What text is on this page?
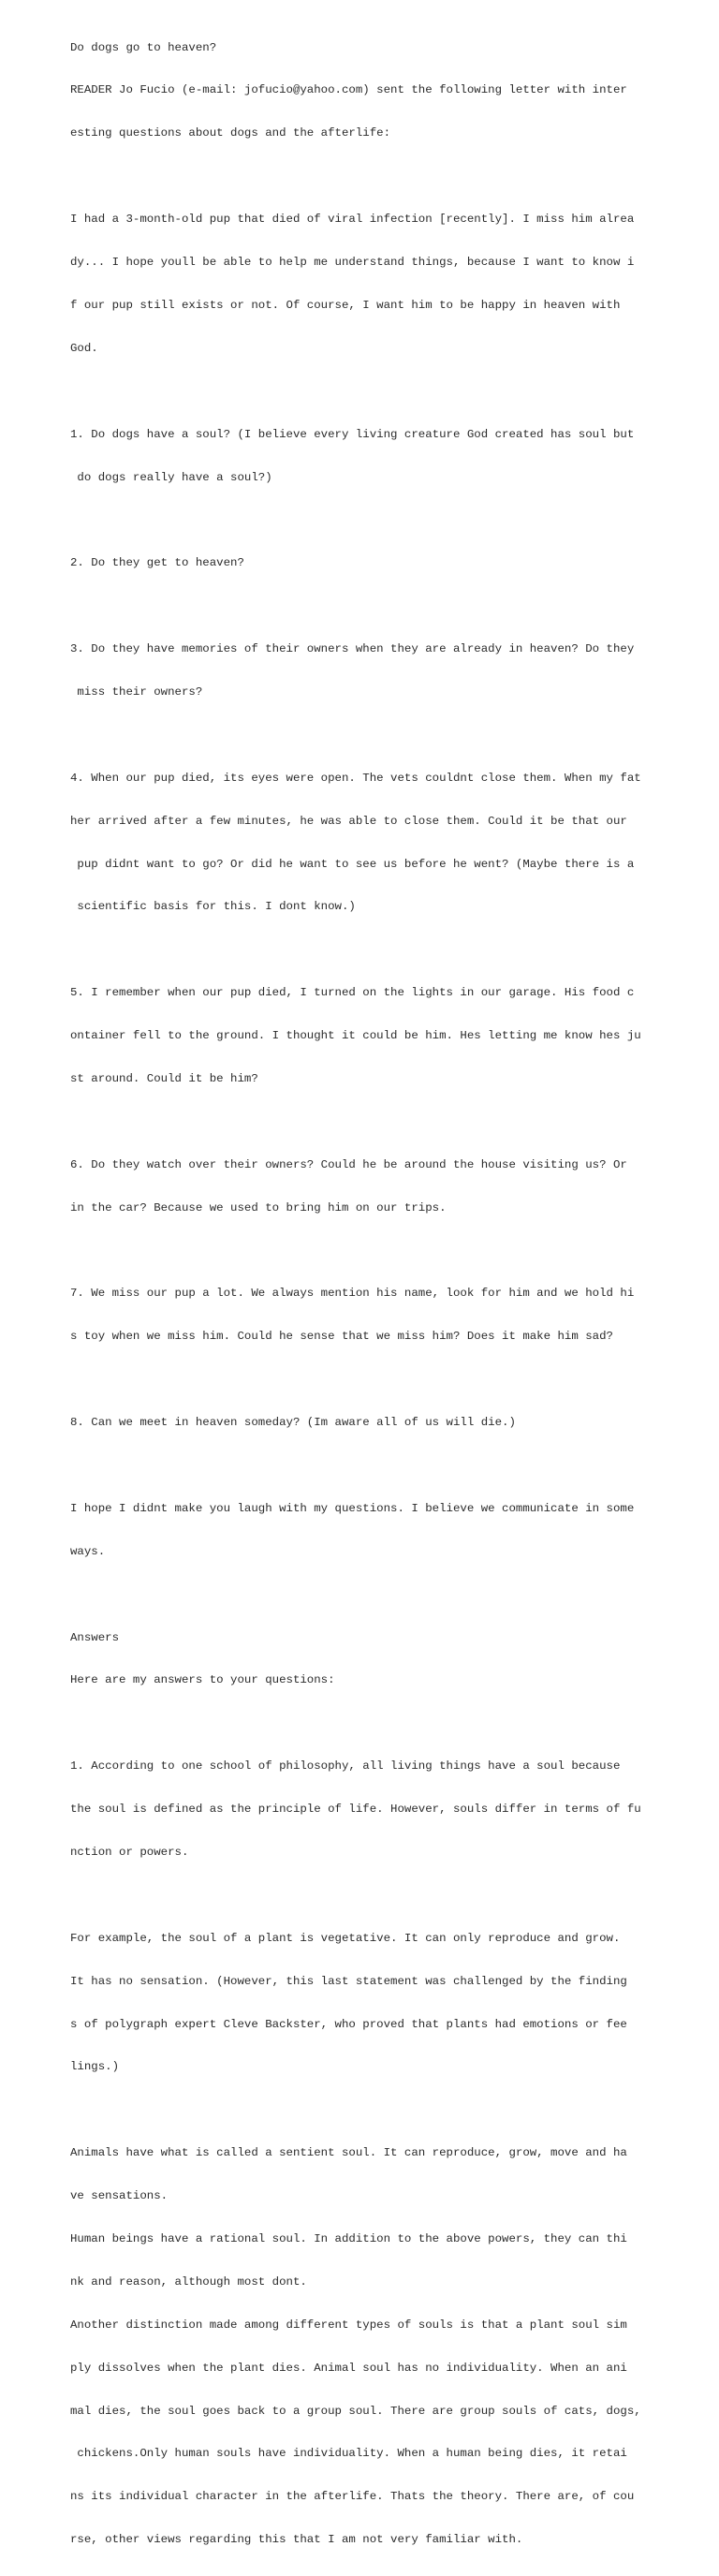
Do dogs go to heaven?

READER Jo Fucio (e-mail: jofucio@yahoo.com) sent the following letter with inter

esting questions about dogs and the afterlife:

I had a 3-month-old pup that died of viral infection [recently]. I miss him alrea

dy... I hope youll be able to help me understand things, because I want to know i

f our pup still exists or not. Of course, I want him to be happy in heaven with

God.

1. Do dogs have a soul? (I believe every living creature God created has soul but

do dogs really have a soul?)

2. Do they get to heaven?

3. Do they have memories of their owners when they are already in heaven? Do they

miss their owners?

4. When our pup died, its eyes were open. The vets couldnt close them. When my fat

her arrived after a few minutes, he was able to close them. Could it be that our

pup didnt want to go? Or did he want to see us before he went? (Maybe there is a

scientific basis for this. I dont know.)

5. I remember when our pup died, I turned on the lights in our garage. His food c

ontainer fell to the ground. I thought it could be him. Hes letting me know hes ju

st around. Could it be him?

6. Do they watch over their owners? Could he be around the house visiting us? Or

in the car? Because we used to bring him on our trips.

7. We miss our pup a lot. We always mention his name, look for him and we hold hi

s toy when we miss him. Could he sense that we miss him? Does it make him sad?

8. Can we meet in heaven someday? (Im aware all of us will die.)

I hope I didnt make you laugh with my questions. I believe we communicate in some

ways.

Answers

Here are my answers to your questions:

1. According to one school of philosophy, all living things have a soul because

the soul is defined as the principle of life. However, souls differ in terms of fu

nction or powers.

For example, the soul of a plant is vegetative. It can only reproduce and grow.

It has no sensation. (However, this last statement was challenged by the finding

s of polygraph expert Cleve Backster, who proved that plants had emotions or fee

lings.)

Animals have what is called a sentient soul. It can reproduce, grow, move and ha

ve sensations.

Human beings have a rational soul. In addition to the above powers, they can thi

nk and reason, although most dont.

Another distinction made among different types of souls is that a plant soul sim

ply dissolves when the plant dies. Animal soul has no individuality. When an ani

mal dies, the soul goes back to a group soul. There are group souls of cats, dogs,

chickens.Only human souls have individuality. When a human being dies, it retai

ns its individual character in the afterlife. Thats the theory. There are, of cou

rse, other views regarding this that I am not very familiar with.
